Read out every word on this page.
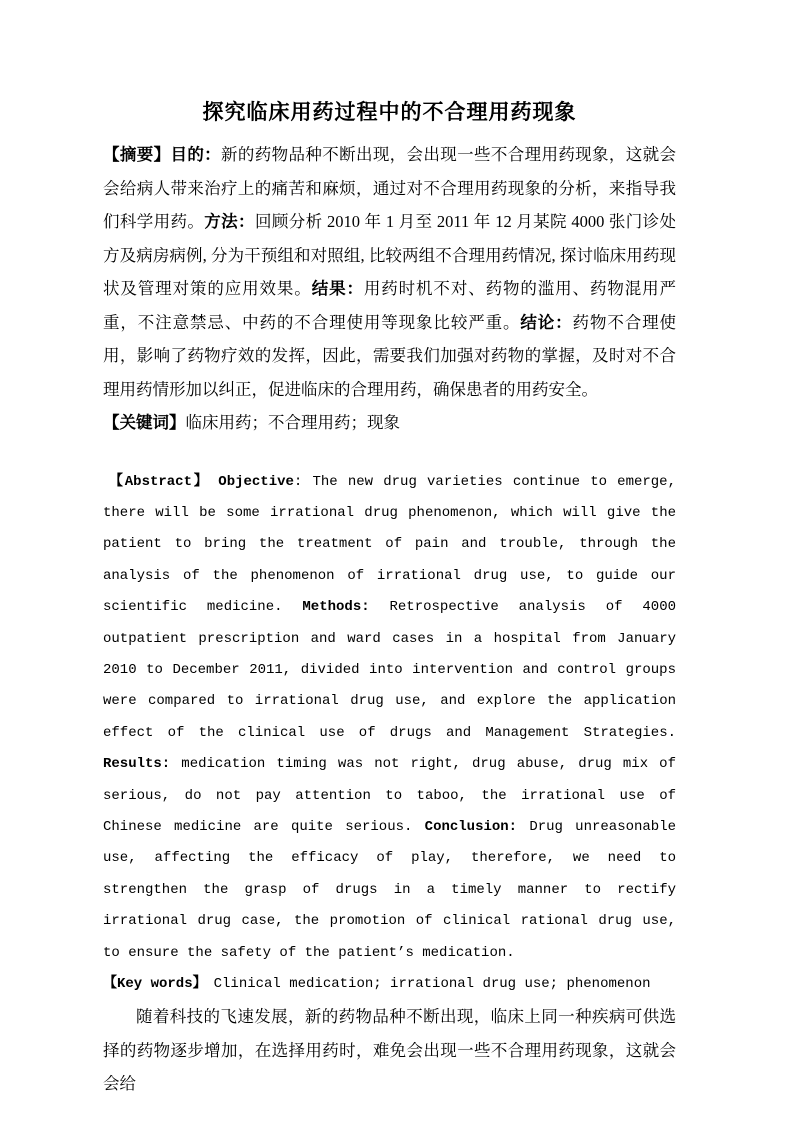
探究临床用药过程中的不合理用药现象

【摘要】目的：新的药物品种不断出现，会出现一些不合理用药现象，这就会会给病人带来治疗上的痛苦和麻烦，通过对不合理用药现象的分析，来指导我们科学用药。方法：回顾分析 2010 年 1 月至 2011 年 12 月某院 4000 张门诊处方及病房病例, 分为干预组和对照组, 比较两组不合理用药情况, 探讨临床用药现状及管理对策的应用效果。结果：用药时机不对、药物的滥用、药物混用严重，不注意禁忌、中药的不合理使用等现象比较严重。结论：药物不合理使用，影响了药物疗效的发挥，因此，需要我们加强对药物的掌握，及时对不合理用药情形加以纠正，促进临床的合理用药，确保患者的用药安全。

【关键词】临床用药；不合理用药；现象

【Abstract】　Objective: The new drug varieties continue to emerge, there will be some irrational drug phenomenon, which will give the patient to bring the treatment of pain and trouble, through the analysis of the phenomenon of irrational drug use, to guide our scientific medicine. Methods: Retrospective analysis of 4000 outpatient prescription and ward cases in a hospital from January 2010 to December 2011, divided into intervention and control groups were compared to irrational drug use, and explore the application effect of the clinical use of drugs and Management Strategies. Results: medication timing was not right, drug abuse, drug mix of serious, do not pay attention to taboo, the irrational use of Chinese medicine are quite serious. Conclusion: Drug unreasonable use, affecting the efficacy of play, therefore, we need to strengthen the grasp of drugs in a timely manner to rectify irrational drug case, the promotion of clinical rational drug use, to ensure the safety of the patient’s medication.

【Key words】　Clinical medication; irrational drug use; phenomenon

随着科技的飞速发展，新的药物品种不断出现，临床上同一种疾病可供选择的药物逐步增加，在选择用药时，难免会出现一些不合理用药现象，这就会会给
